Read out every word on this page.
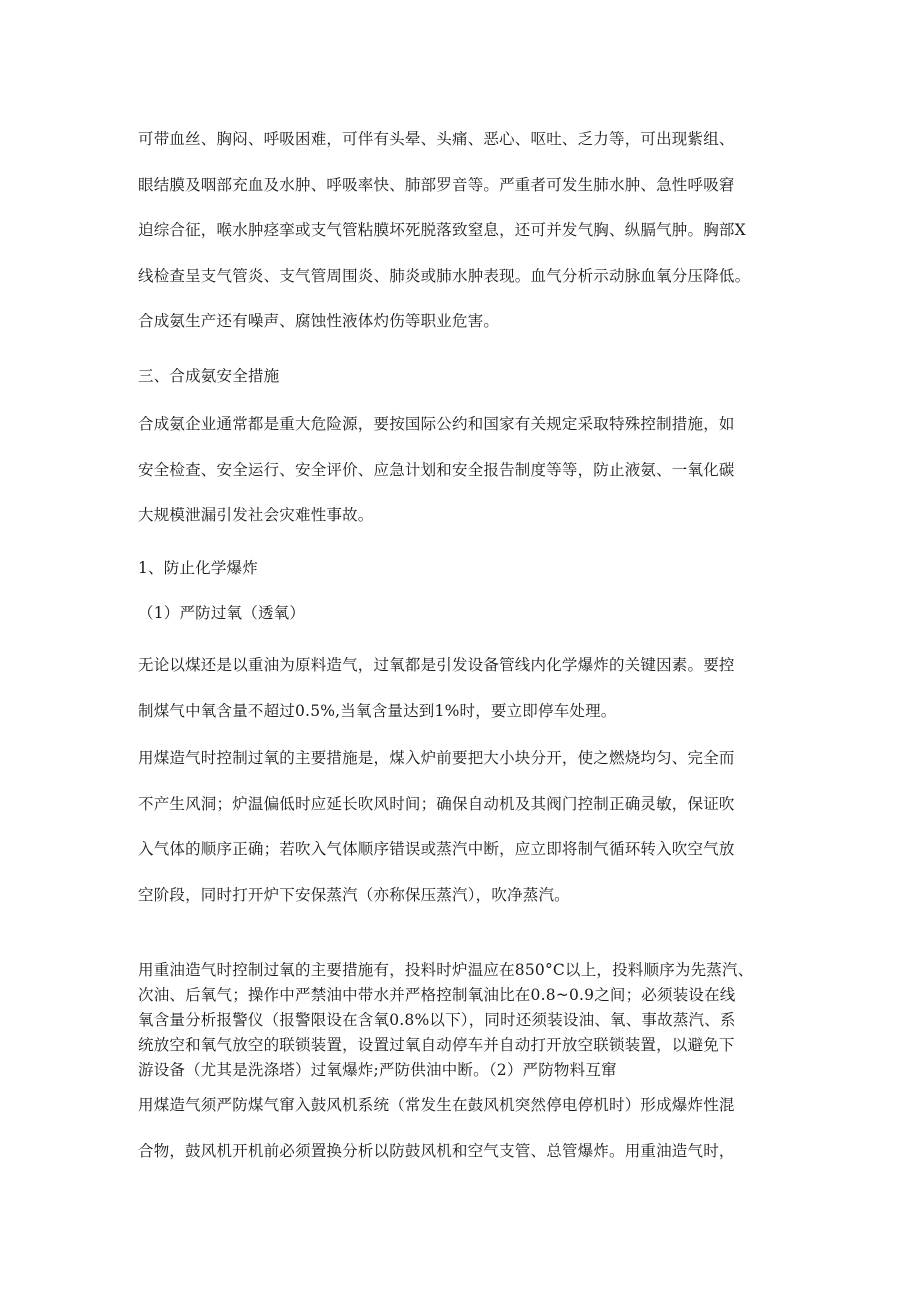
可带血丝、胸闷、呼吸困难，可伴有头晕、头痛、恶心、呕吐、乏力等，可出现紫组、
眼结膜及咽部充血及水肿、呼吸率快、肺部罗音等。严重者可发生肺水肿、急性呼吸窘
迫综合征，喉水肿痉挛或支气管粘膜坏死脱落致窒息，还可并发气胸、纵膈气肿。胸部X
线检查呈支气管炎、支气管周围炎、肺炎或肺水肿表现。血气分析示动脉血氧分压降低。
合成氨生产还有噪声、腐蚀性液体灼伤等职业危害。
三、合成氨安全措施
合成氨企业通常都是重大危险源，要按国际公约和国家有关规定采取特殊控制措施，如
安全检查、安全运行、安全评价、应急计划和安全报告制度等等，防止液氨、一氧化碳
大规模泄漏引发社会灾难性事故。
1、防止化学爆炸
（1）严防过氧（透氧）
无论以煤还是以重油为原料造气，过氧都是引发设备管线内化学爆炸的关键因素。要控
制煤气中氧含量不超过0.5%,当氧含量达到1%时，要立即停车处理。
用煤造气时控制过氧的主要措施是，煤入炉前要把大小块分开，使之燃烧均匀、完全而
不产生风洞；炉温偏低时应延长吹风时间；确保自动机及其阀门控制正确灵敏，保证吹
入气体的顺序正确；若吹入气体顺序错误或蒸汽中断，应立即将制气循环转入吹空气放
空阶段，同时打开炉下安保蒸汽（亦称保压蒸汽），吹净蒸汽。
用重油造气时控制过氧的主要措施有，投料时炉温应在850°C以上，投料顺序为先蒸汽、
次油、后氧气；操作中严禁油中带水并严格控制氧油比在0.8~0.9之间；必须装设在线
氧含量分析报警仪（报警限设在含氧0.8%以下），同时还须装设油、氧、事故蒸汽、系
统放空和氧气放空的联锁装置，设置过氧自动停车并自动打开放空联锁装置，以避免下
游设备（尤其是洗涤塔）过氧爆炸;严防供油中断。（2）严防物料互窜
用煤造气须严防煤气窜入鼓风机系统（常发生在鼓风机突然停电停机时）形成爆炸性混
合物，鼓风机开机前必须置换分析以防鼓风机和空气支管、总管爆炸。用重油造气时，
